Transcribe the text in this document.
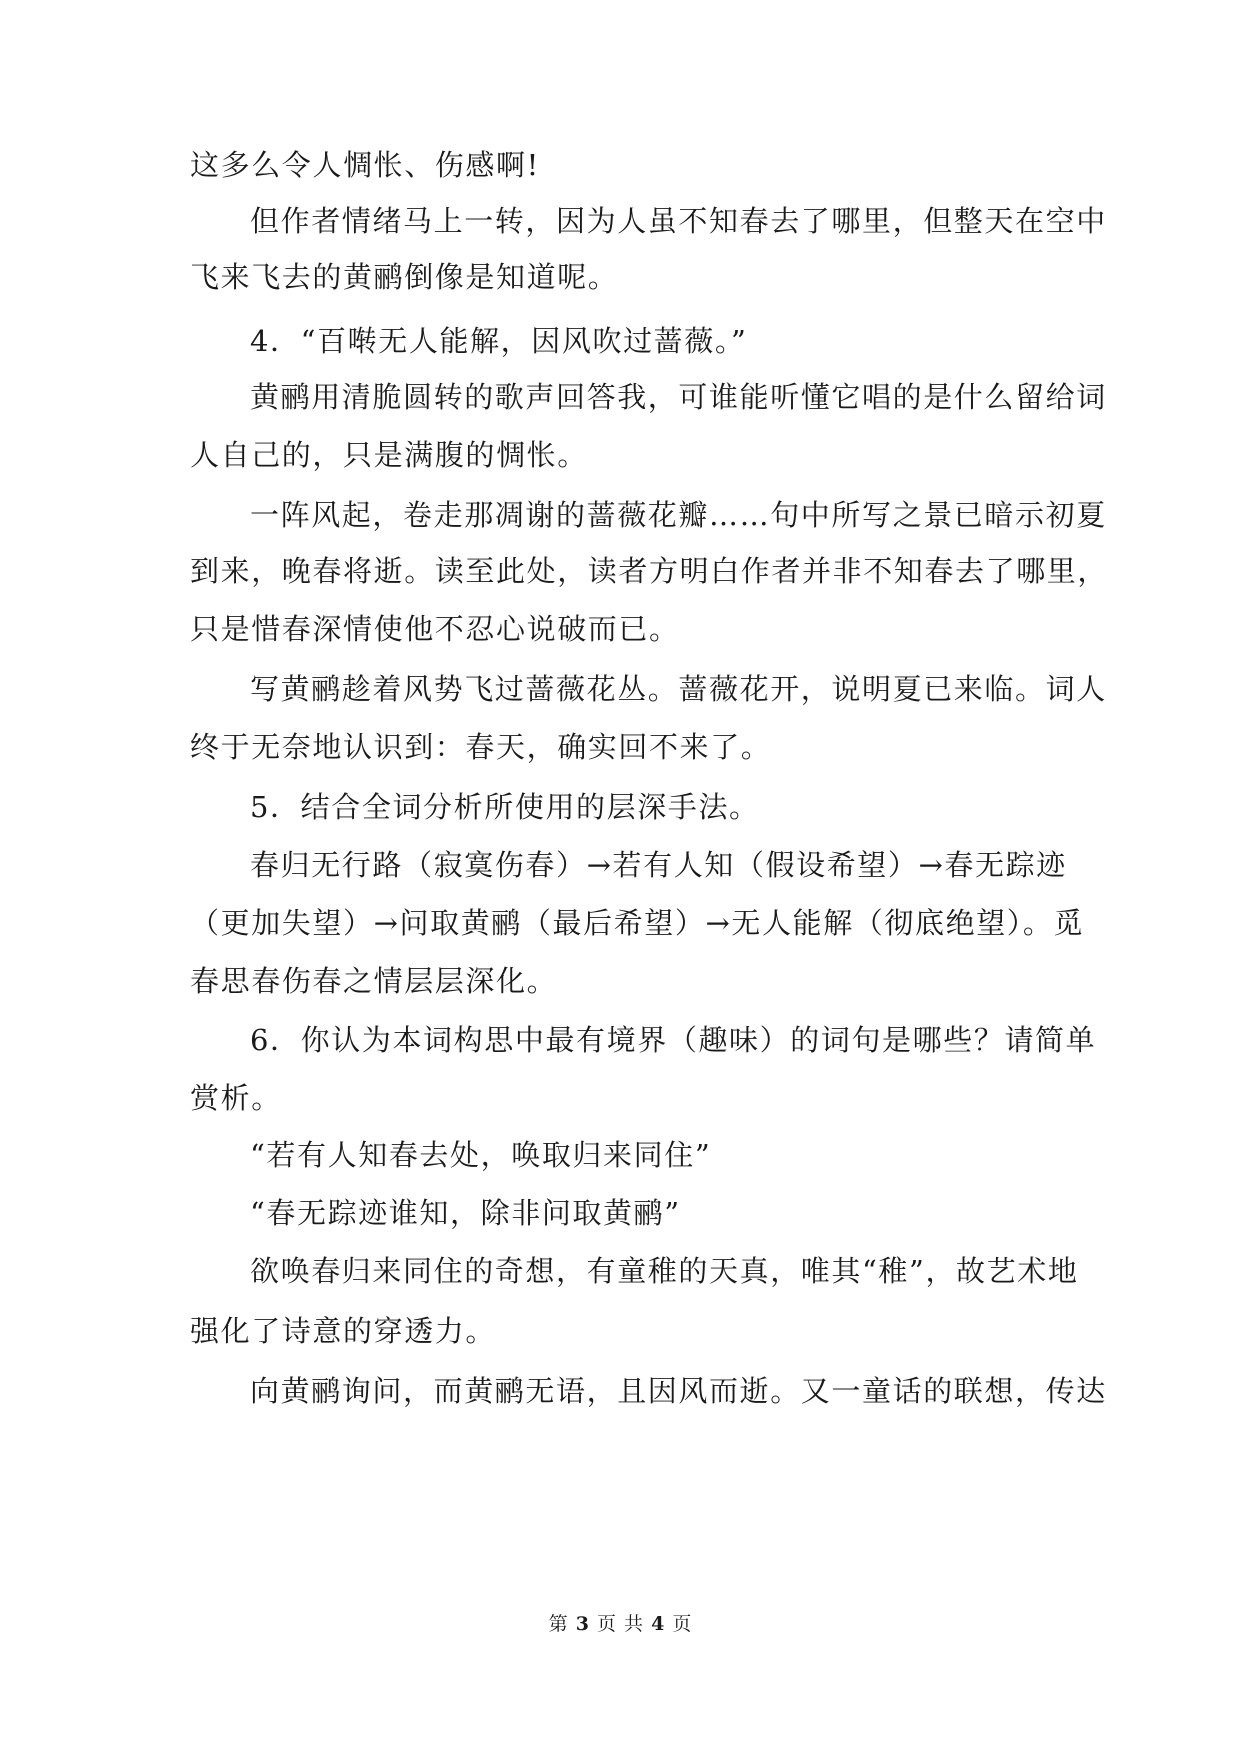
这多么令人惆怅、伤感啊!
但作者情绪马上一转，因为人虽不知春去了哪里，但整天在空中
飞来飞去的黄鹂倒像是知道呢。
4．“百啭无人能解，因风吹过蔷薇。”
黄鹂用清脆圆转的歌声回答我，可谁能听懂它唱的是什么留给词
人自己的，只是满腹的惆怅。
一阵风起，卷走那凋谢的蔷薇花瓣……句中所写之景已暗示初夏
到来，晚春将逝。读至此处，读者方明白作者并非不知春去了哪里，
只是惜春深情使他不忍心说破而已。
写黄鹂趁着风势飞过蔷薇花丛。蔷薇花开，说明夏已来临。词人
终于无奈地认识到：春天，确实回不来了。
5．结合全词分析所使用的层深手法。
春归无行路（寂寞伤春）→若有人知（假设希望）→春无踪迹
（更加失望）→问取黄鹂（最后希望）→无人能解（彻底绝望）。觅
春思春伤春之情层层深化。
6．你认为本词构思中最有境界（趣味）的词句是哪些？请简单
赏析。
“若有人知春去处，唤取归来同住”
“春无踪迹谁知，除非问取黄鹂”
欲唤春归来同住的奇想，有童稚的天真，唯其“稚”，故艺术地
强化了诗意的穿透力。
向黄鹂询问，而黄鹂无语，且因风而逝。又一童话的联想，传达
第 3 页 共 4 页
